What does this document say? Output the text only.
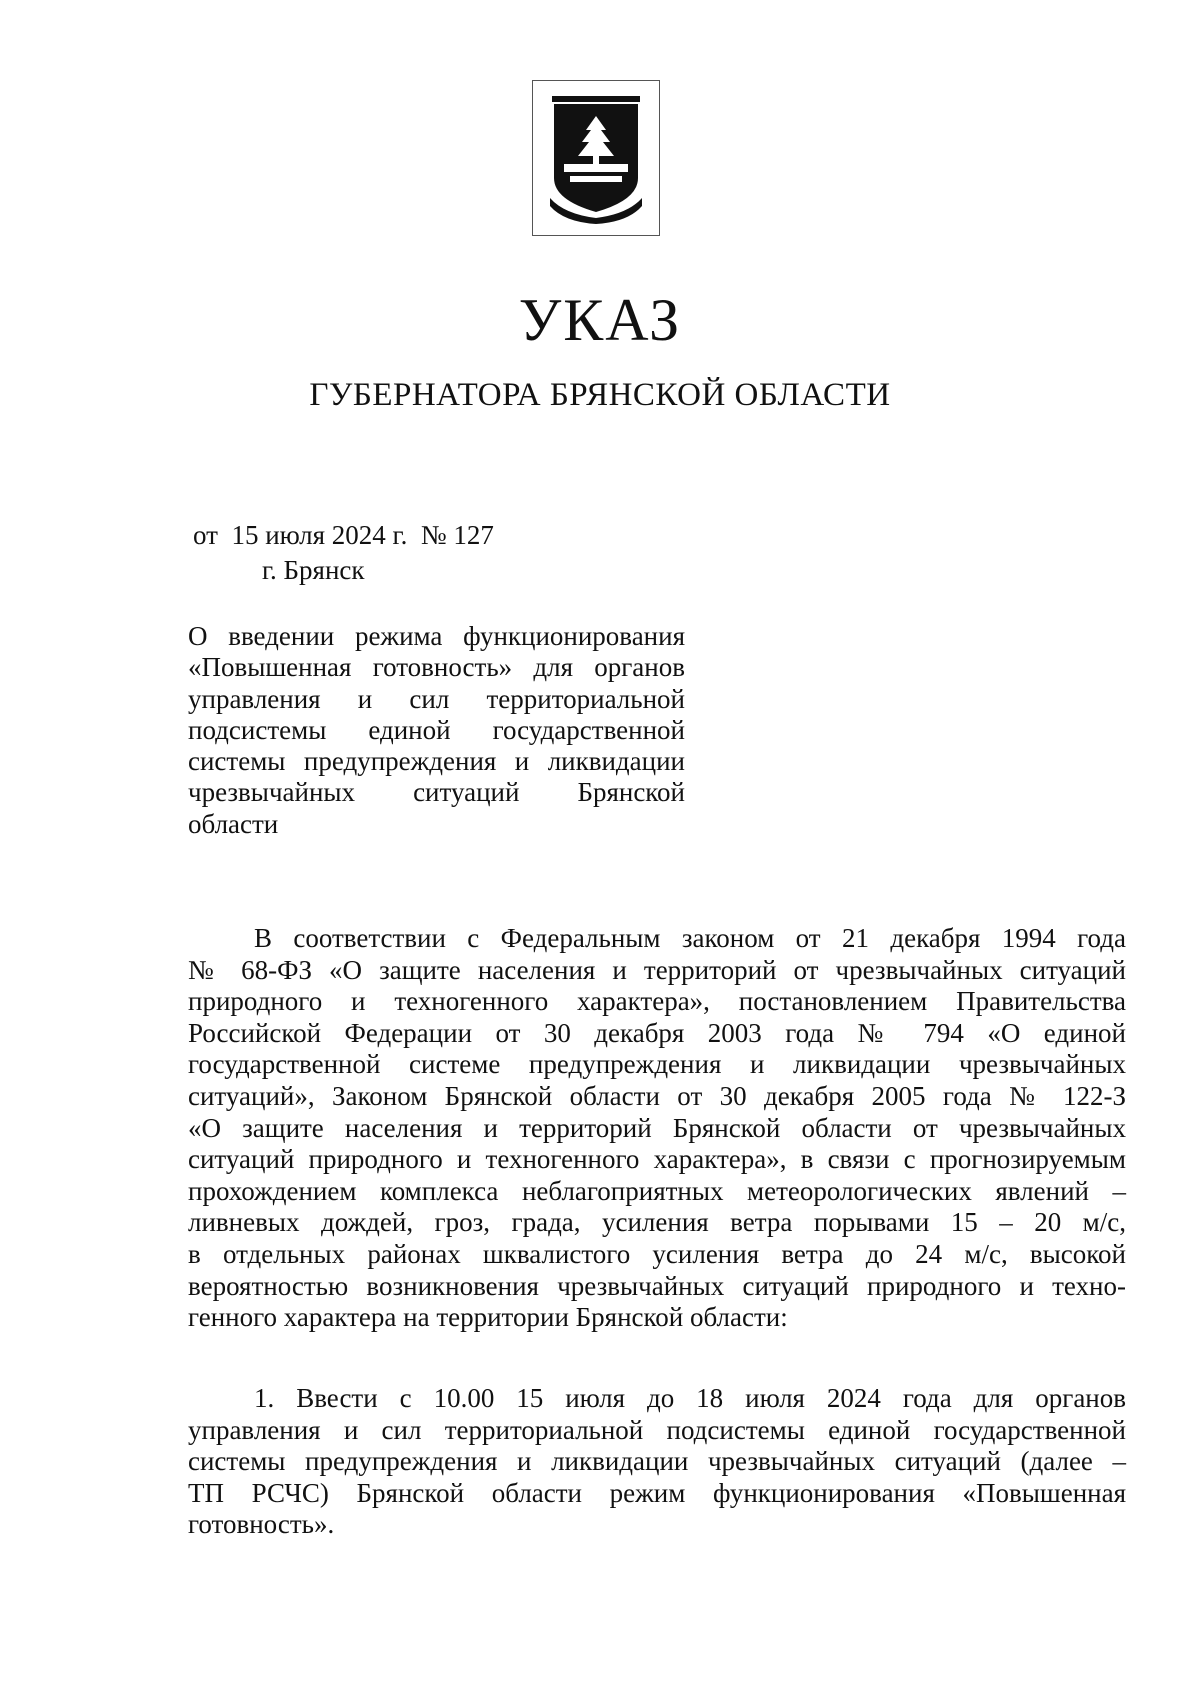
УКАЗ
ГУБЕРНАТОРА БРЯНСКОЙ ОБЛАСТИ
от  15 июля 2024 г.  № 127
г. Брянск
О введении режима функционирования
«Повышенная готовность» для органов
управления и сил территориальной
подсистемы единой государственной
системы предупреждения и ликвидации
чрезвычайных ситуаций Брянской
области
В соответствии с Федеральным законом от 21 декабря 1994 года
№ 68-ФЗ «О защите населения и территорий от чрезвычайных ситуаций
природного и техногенного характера», постановлением Правительства
Российской Федерации от 30 декабря 2003 года № 794 «О единой
государственной системе предупреждения и ликвидации чрезвычайных
ситуаций», Законом Брянской области от 30 декабря 2005 года № 122-З
«О защите населения и территорий Брянской области от чрезвычайных
ситуаций природного и техногенного характера», в связи с прогнозируемым
прохождением комплекса неблагоприятных метеорологических явлений –
ливневых дождей, гроз, града, усиления ветра порывами 15 – 20 м/с,
в отдельных районах шквалистого усиления ветра до 24 м/с, высокой
вероятностью возникновения чрезвычайных ситуаций природного и техно-
генного характера на территории Брянской области:
1. Ввести с 10.00 15 июля до 18 июля 2024 года для органов
управления и сил территориальной подсистемы единой государственной
системы предупреждения и ликвидации чрезвычайных ситуаций (далее –
ТП РСЧС) Брянской области режим функционирования «Повышенная
готовность».
